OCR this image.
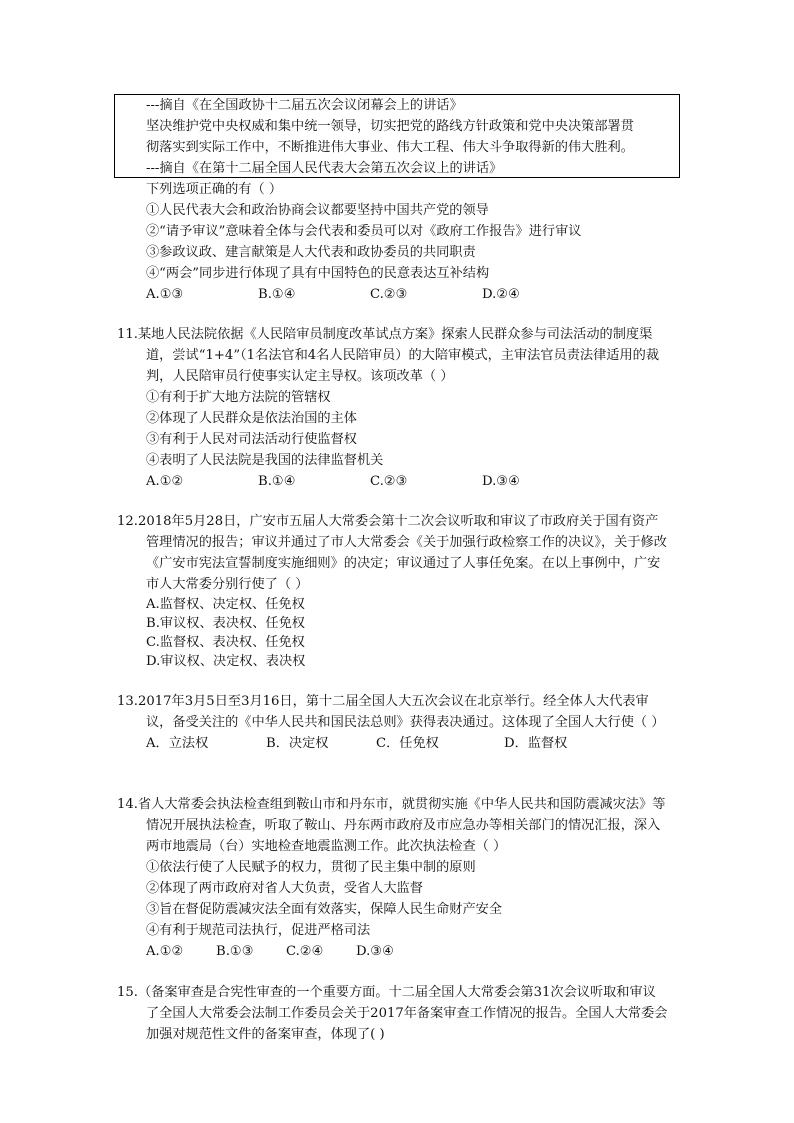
---摘自《在全国政协十二届五次会议闭幕会上的讲话》
坚决维护党中央权威和集中统一领导，切实把党的路线方针政策和党中央决策部署贯
彻落实到实际工作中，不断推进伟大事业、伟大工程、伟大斗争取得新的伟大胜利。
---摘自《在第十二届全国人民代表大会第五次会议上的讲话》
下列选项正确的有（ ）
①人民代表大会和政治协商会议都要坚持中国共产党的领导
②“请予审议”意味着全体与会代表和委员可以对《政府工作报告》进行审议
③参政议政、建言献策是人大代表和政协委员的共同职责
④“两会”同步进行体现了具有中国特色的民意表达互补结构
A.①③	B.①④	C.②③	D.②④
11.某地人民法院依据《人民陪审员制度改革试点方案》探索人民群众参与司法活动的制度渠
道，尝试“1+4”（1名法官和4名人民陪审员）的大陪审模式，主审法官员责法律适用的裁
判，人民陪审员行使事实认定主导权。该项改革（ ）
①有利于扩大地方法院的管辖权
②体现了人民群众是依法治国的主体
③有利于人民对司法活动行使监督权
④表明了人民法院是我国的法律监督机关
A.①②	B.①④	C.②③	D.③④
12.2018年5月28日，广安市五届人大常委会第十二次会议听取和审议了市政府关于国有资产
管理情况的报告；审议并通过了市人大常委会《关于加强行政检察工作的决议》，关于修改
《广安市宪法宣誓制度实施细则》的决定；审议通过了人事任免案。在以上事例中，广安
市人大常委分别行使了（ ）
A.监督权、决定权、任免权
B.审议权、表决权、任免权
C.监督权、表决权、任免权
D.审议权、决定权、表决权
13.2017年3月5日至3月16日，第十二届全国人大五次会议在北京举行。经全体人大代表审
议，备受关注的《中华人民共和国民法总则》获得表决通过。这体现了全国人大行使（ ）
A．立法权	B．决定权	C．任免权	D．监督权
14.省人大常委会执法检查组到鞍山市和丹东市，就贯彻实施《中华人民共和国防震减灾法》等
情况开展执法检查，听取了鞍山、丹东两市政府及市应急办等相关部门的情况汇报，深入
两市地震局（台）实地检查地震监测工作。此次执法检查（ ）
①依法行使了人民赋予的权力，贯彻了民主集中制的原则
②体现了两市政府对省人大负责，受省人大监督
③旨在督促防震减灾法全面有效落实，保障人民生命财产安全
④有利于规范司法执行，促进严格司法
A.①② B.①③ C.②④ D.③④
15.（备案审查是合宪性审查的一个重要方面。十二届全国人大常委会第31次会议听取和审议
了全国人大常委会法制工作委员会关于2017年备案审查工作情况的报告。全国人大常委会
加强对规范性文件的备案审查，体现了( )
